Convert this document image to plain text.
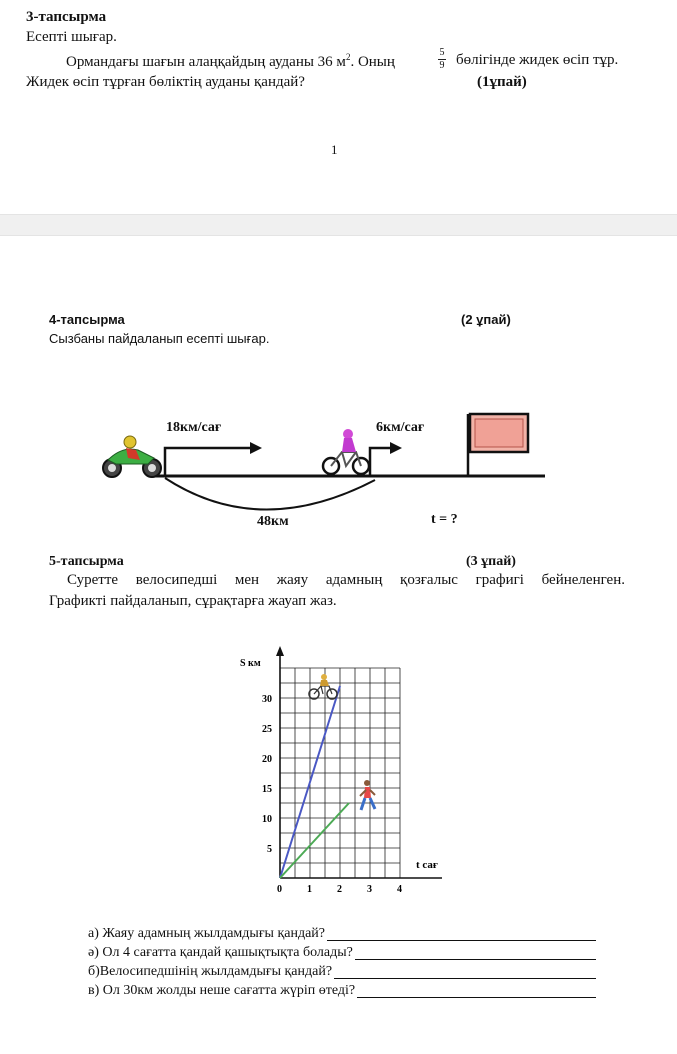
3-тапсырма
Есепті шығар.
Ормандағы шағын алаңқайдың ауданы 36 $м^2$. Оның
5
9 бөлігінде жидек өсіп тұр.
Жидек өсіп тұрған бөліктің ауданы қандай?	(1ұпай)
1
4-тапсырма	(2 ұпай)
Сызбаны пайдаланып есепті шығар.
18км/сағ	6км/сағ
48км	t = ?
5-тапсырма	(3 ұпай)
Суретте велосипедші мен жаяу адамның қозғалыс графигі бейнеленген.
Графикті пайдаланып, сұрақтарға жауап жаз.
0	1	2	3	4
5
10
15
20
25
30
S км
t сағ
а) Жаяу адамның жылдамдығы қандай?
ә) Ол 4 сағатта қандай қашықтықта болады?
б)Велосипедшінің жылдамдығы қандай?
в) Ол 30км жолды неше сағатта жүріп өтеді?
